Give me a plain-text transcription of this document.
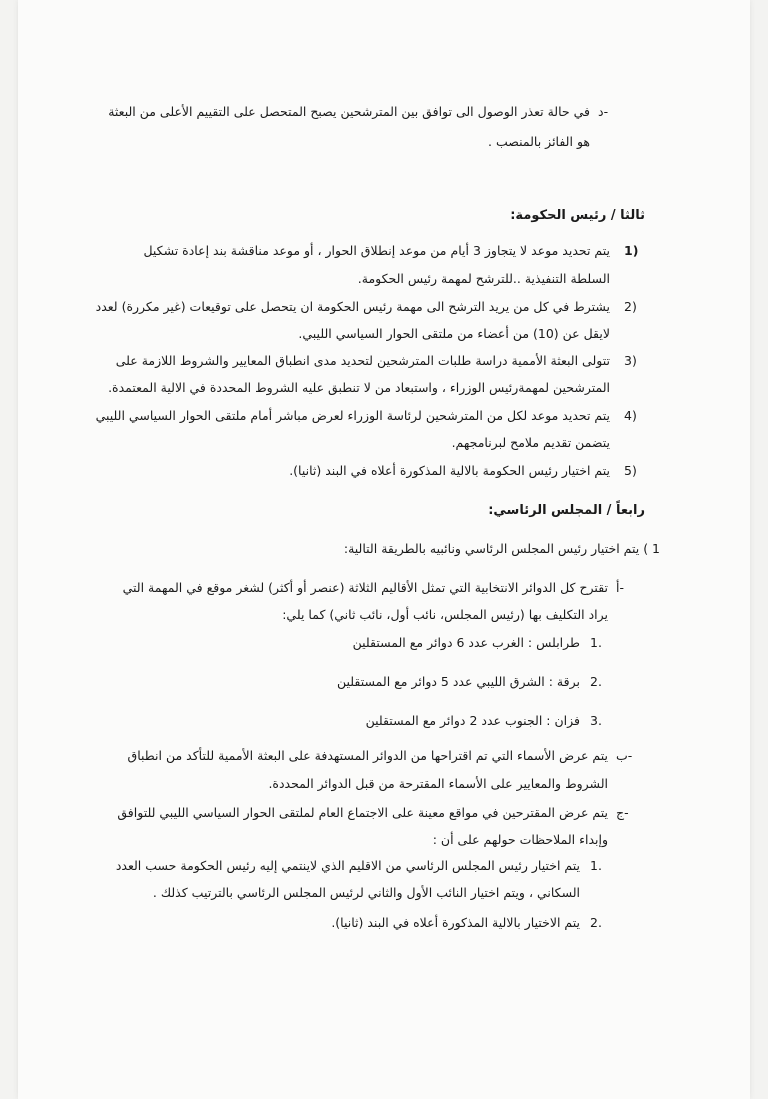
د-
في حالة تعذر الوصول الى توافق بين المترشحين يصبح المتحصل على التقييم الأعلى من البعثة
هو الفائز بالمنصب .
ثالثا / رئيس الحكومة:
1)
يتم تحديد موعد لا يتجاوز 3 أيام من موعد إنطلاق الحوار ، أو موعد مناقشة بند إعادة تشكيل
السلطة التنفيذية ..للترشح لمهمة رئيس الحكومة.
2)
يشترط في كل من يريد الترشح الى مهمة رئيس الحكومة ان يتحصل على توقيعات (غير مكررة) لعدد
لايقل عن (10) من أعضاء من ملتقى الحوار السياسي الليبي.
3)
تتولى البعثة الأممية دراسة طلبات المترشحين لتحديد مدى انطباق المعايير والشروط اللازمة على
المترشحين لمهمةرئيس الوزراء ، واستبعاد من لا تنطبق عليه الشروط المحددة في الالية المعتمدة.
4)
يتم تحديد موعد لكل من المترشحين لرئاسة الوزراء لعرض مباشر أمام ملتقى الحوار السياسي الليبي
يتضمن تقديم ملامح لبرنامجهم.
5)
يتم اختيار رئيس الحكومة بالالية المذكورة أعلاه في البند (ثانيا).
رابعاً / المجلس الرئاسي:
1 ) يتم اختيار رئيس المجلس الرئاسي ونائبيه بالطريقة التالية:
أ-
تقترح كل الدوائر الانتخابية التي تمثل الأقاليم الثلاثة (عنصر أو أكثر) لشغر موقع في المهمة التي
يراد التكليف بها (رئيس المجلس، نائب أول، نائب ثاني) كما يلي:
1.
طرابلس : الغرب عدد 6 دوائر مع المستقلين
2.
برقة : الشرق الليبي عدد 5 دوائر مع المستقلين
3.
فزان : الجنوب عدد 2 دوائر مع المستقلين
ب-
يتم عرض الأسماء التي تم اقتراحها من الدوائر المستهدفة على البعثة الأممية للتأكد من انطباق
الشروط والمعايير على الأسماء المقترحة من قبل الدوائر المحددة.
ج-
يتم عرض المقترحين في مواقع معينة على الاجتماع العام لملتقى الحوار السياسي الليبي للتوافق
وإبداء الملاحظات حولهم على أن :
1.
يتم اختيار رئيس المجلس الرئاسي من الاقليم الذي لاينتمي إليه رئيس الحكومة حسب العدد
السكاني ، ويتم اختيار النائب الأول والثاني لرئيس المجلس الرئاسي بالترتيب كذلك .
2.
يتم الاختيار بالالية المذكورة أعلاه في البند (ثانيا).
